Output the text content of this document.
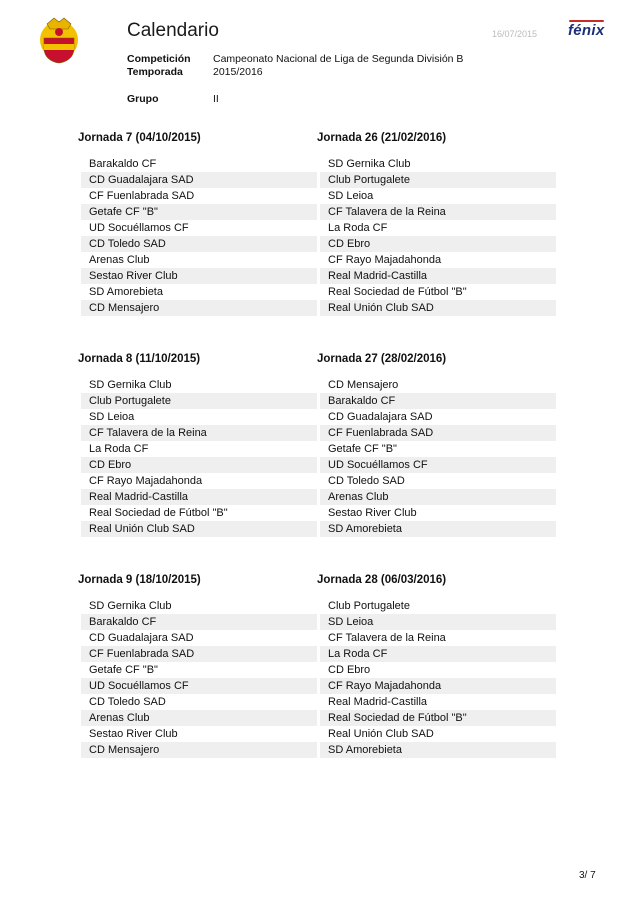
Calendario	16/07/2015 fénix
Competición Campeonato Nacional de Liga de Segunda División B
Temporada	2015/2016
Grupo	II
Jornada 7 (04/10/2015)
Barakaldo CF
CD Guadalajara SAD
CF Fuenlabrada SAD
Getafe CF "B"
UD Socuéllamos CF
CD Toledo SAD
Arenas Club
Sestao River Club
SD Amorebieta
CD Mensajero
Jornada 26 (21/02/2016)
SD Gernika Club
Club Portugalete
SD Leioa
CF Talavera de la Reina
La Roda CF
CD Ebro
CF Rayo Majadahonda
Real Madrid-Castilla
Real Sociedad de Fútbol "B"
Real Unión Club SAD
Jornada 8 (11/10/2015)
SD Gernika Club
Club Portugalete
SD Leioa
CF Talavera de la Reina
La Roda CF
CD Ebro
CF Rayo Majadahonda
Real Madrid-Castilla
Real Sociedad de Fútbol "B"
Real Unión Club SAD
Jornada 27 (28/02/2016)
CD Mensajero
Barakaldo CF
CD Guadalajara SAD
CF Fuenlabrada SAD
Getafe CF "B"
UD Socuéllamos CF
CD Toledo SAD
Arenas Club
Sestao River Club
SD Amorebieta
Jornada 9 (18/10/2015)
SD Gernika Club
Barakaldo CF
CD Guadalajara SAD
CF Fuenlabrada SAD
Getafe CF "B"
UD Socuéllamos CF
CD Toledo SAD
Arenas Club
Sestao River Club
CD Mensajero
Jornada 28 (06/03/2016)
Club Portugalete
SD Leioa
CF Talavera de la Reina
La Roda CF
CD Ebro
CF Rayo Majadahonda
Real Madrid-Castilla
Real Sociedad de Fútbol "B"
Real Unión Club SAD
SD Amorebieta
3/ 7
